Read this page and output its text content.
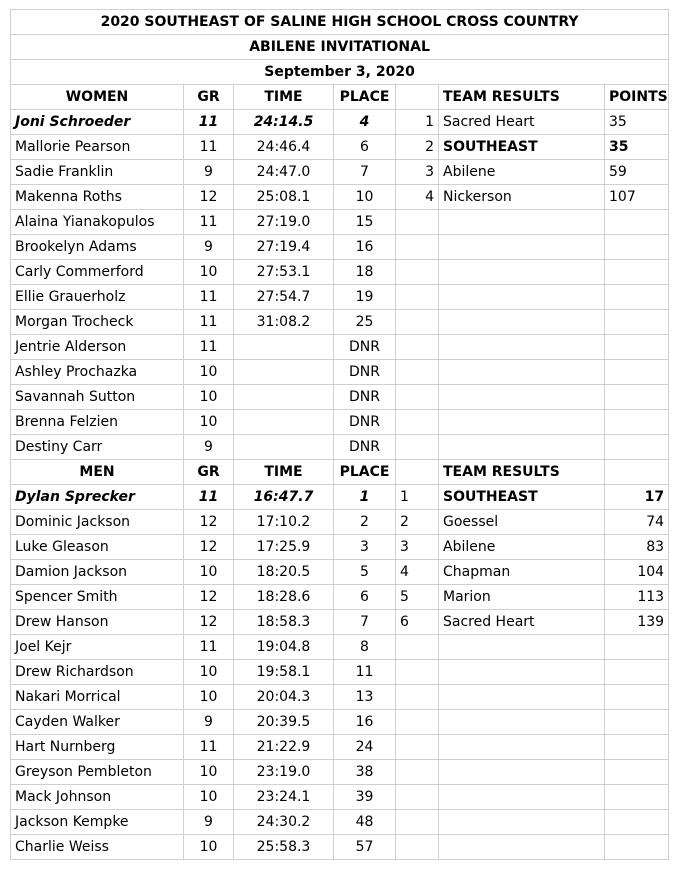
2020 SOUTHEAST OF SALINE HIGH SCHOOL CROSS COUNTRY						
ABILENE INVITATIONAL						
September 3, 2020						
WOMEN	GR	TIME	PLACE		TEAM RESULTS	POINTS
Joni Schroeder	11	24:14.5	4	1	Sacred Heart	35
Mallorie Pearson	11	24:46.4	6	2	SOUTHEAST	35
Sadie Franklin	9	24:47.0	7	3	Abilene	59
Makenna Roths	12	25:08.1	10	4	Nickerson	107
Alaina Yianakopulos	11	27:19.0	15			
Brookelyn Adams	9	27:19.4	16			
Carly Commerford	10	27:53.1	18			
Ellie Grauerholz	11	27:54.7	19			
Morgan Trocheck	11	31:08.2	25			
Jentrie Alderson	11		DNR			
Ashley Prochazka	10		DNR			
Savannah Sutton	10		DNR			
Brenna Felzien	10		DNR			
Destiny Carr	9		DNR			
MEN	GR	TIME	PLACE		TEAM RESULTS	
Dylan Sprecker	11	16:47.7	1	1	SOUTHEAST	17
Dominic Jackson	12	17:10.2	2	2	Goessel	74
Luke Gleason	12	17:25.9	3	3	Abilene	83
Damion Jackson	10	18:20.5	5	4	Chapman	104
Spencer Smith	12	18:28.6	6	5	Marion	113
Drew Hanson	12	18:58.3	7	6	Sacred Heart	139
Joel Kejr	11	19:04.8	8			
Drew Richardson	10	19:58.1	11			
Nakari Morrical	10	20:04.3	13			
Cayden Walker	9	20:39.5	16			
Hart Nurnberg	11	21:22.9	24			
Greyson Pembleton	10	23:19.0	38			
Mack Johnson	10	23:24.1	39			
Jackson Kempke	9	24:30.2	48			
Charlie Weiss	10	25:58.3	57			
